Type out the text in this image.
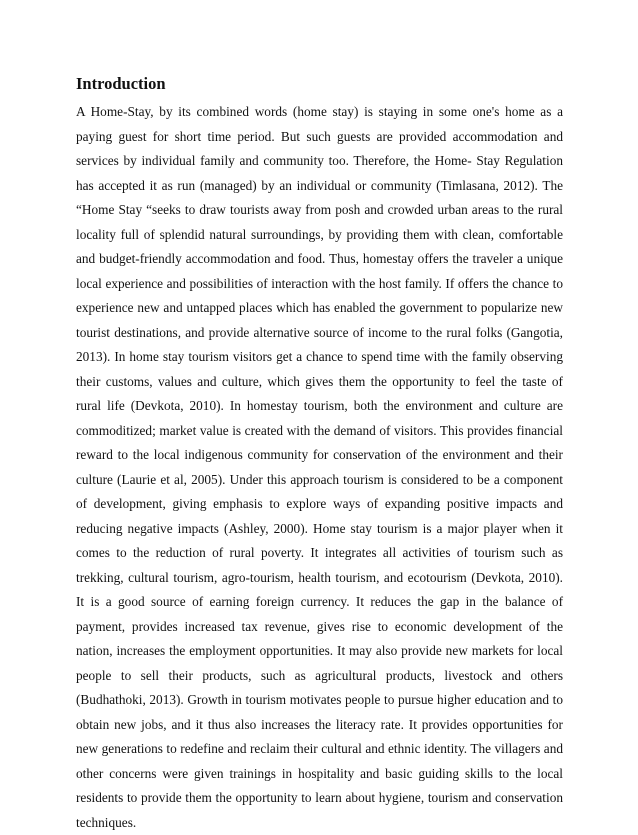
Introduction

A Home-Stay, by its combined words (home stay) is staying in some one's home as a paying guest for short time period. But such guests are provided accommodation and services by individual family and community too. Therefore, the Home- Stay Regulation has accepted it as run (managed) by an individual or community (Timlasana, 2012). The “Home Stay “seeks to draw tourists away from posh and crowded urban areas to the rural locality full of splendid natural surroundings, by providing them with clean, comfortable and budget-friendly accommodation and food. Thus, homestay offers the traveler a unique local experience and possibilities of interaction with the host family. If offers the chance to experience new and untapped places which has enabled the government to popularize new tourist destinations, and provide alternative source of income to the rural folks (Gangotia, 2013). In home stay tourism visitors get a chance to spend time with the family observing their customs, values and culture, which gives them the opportunity to feel the taste of rural life (Devkota, 2010). In homestay tourism, both the environment and culture are commoditized; market value is created with the demand of visitors. This provides financial reward to the local indigenous community for conservation of the environment and their culture (Laurie et al, 2005). Under this approach tourism is considered to be a component of development, giving emphasis to explore ways of expanding positive impacts and reducing negative impacts (Ashley, 2000). Home stay tourism is a major player when it comes to the reduction of rural poverty. It integrates all activities of tourism such as trekking, cultural tourism, agro-tourism, health tourism, and ecotourism (Devkota, 2010). It is a good source of earning foreign currency. It reduces the gap in the balance of payment, provides increased tax revenue, gives rise to economic development of the nation, increases the employment opportunities. It may also provide new markets for local people to sell their products, such as agricultural products, livestock and others (Budhathoki, 2013). Growth in tourism motivates people to pursue higher education and to obtain new jobs, and it thus also increases the literacy rate. It provides opportunities for new generations to redefine and reclaim their cultural and ethnic identity. The villagers and other concerns were given trainings in hospitality and basic guiding skills to the local residents to provide them the opportunity to learn about hygiene, tourism and conservation techniques.
